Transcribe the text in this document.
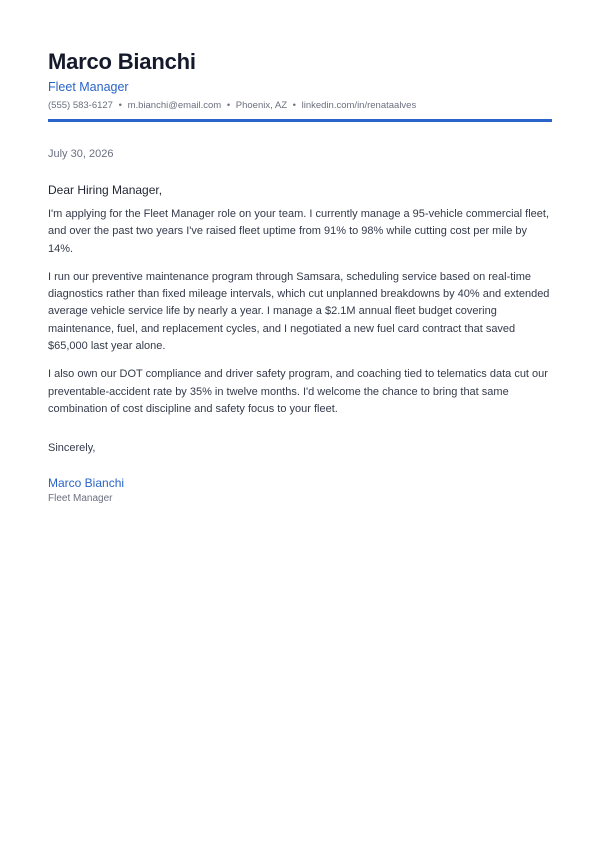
Marco Bianchi
Fleet Manager
(555) 583-6127 • m.bianchi@email.com • Phoenix, AZ • linkedin.com/in/renataalves
July 30, 2026
Dear Hiring Manager,

I'm applying for the Fleet Manager role on your team. I currently manage a 95-vehicle commercial fleet, and over the past two years I've raised fleet uptime from 91% to 98% while cutting cost per mile by 14%.

I run our preventive maintenance program through Samsara, scheduling service based on real-time diagnostics rather than fixed mileage intervals, which cut unplanned breakdowns by 40% and extended average vehicle service life by nearly a year. I manage a $2.1M annual fleet budget covering maintenance, fuel, and replacement cycles, and I negotiated a new fuel card contract that saved $65,000 last year alone.

I also own our DOT compliance and driver safety program, and coaching tied to telematics data cut our preventable-accident rate by 35% in twelve months. I'd welcome the chance to bring that same combination of cost discipline and safety focus to your fleet.

Sincerely,
Marco Bianchi
Fleet Manager
